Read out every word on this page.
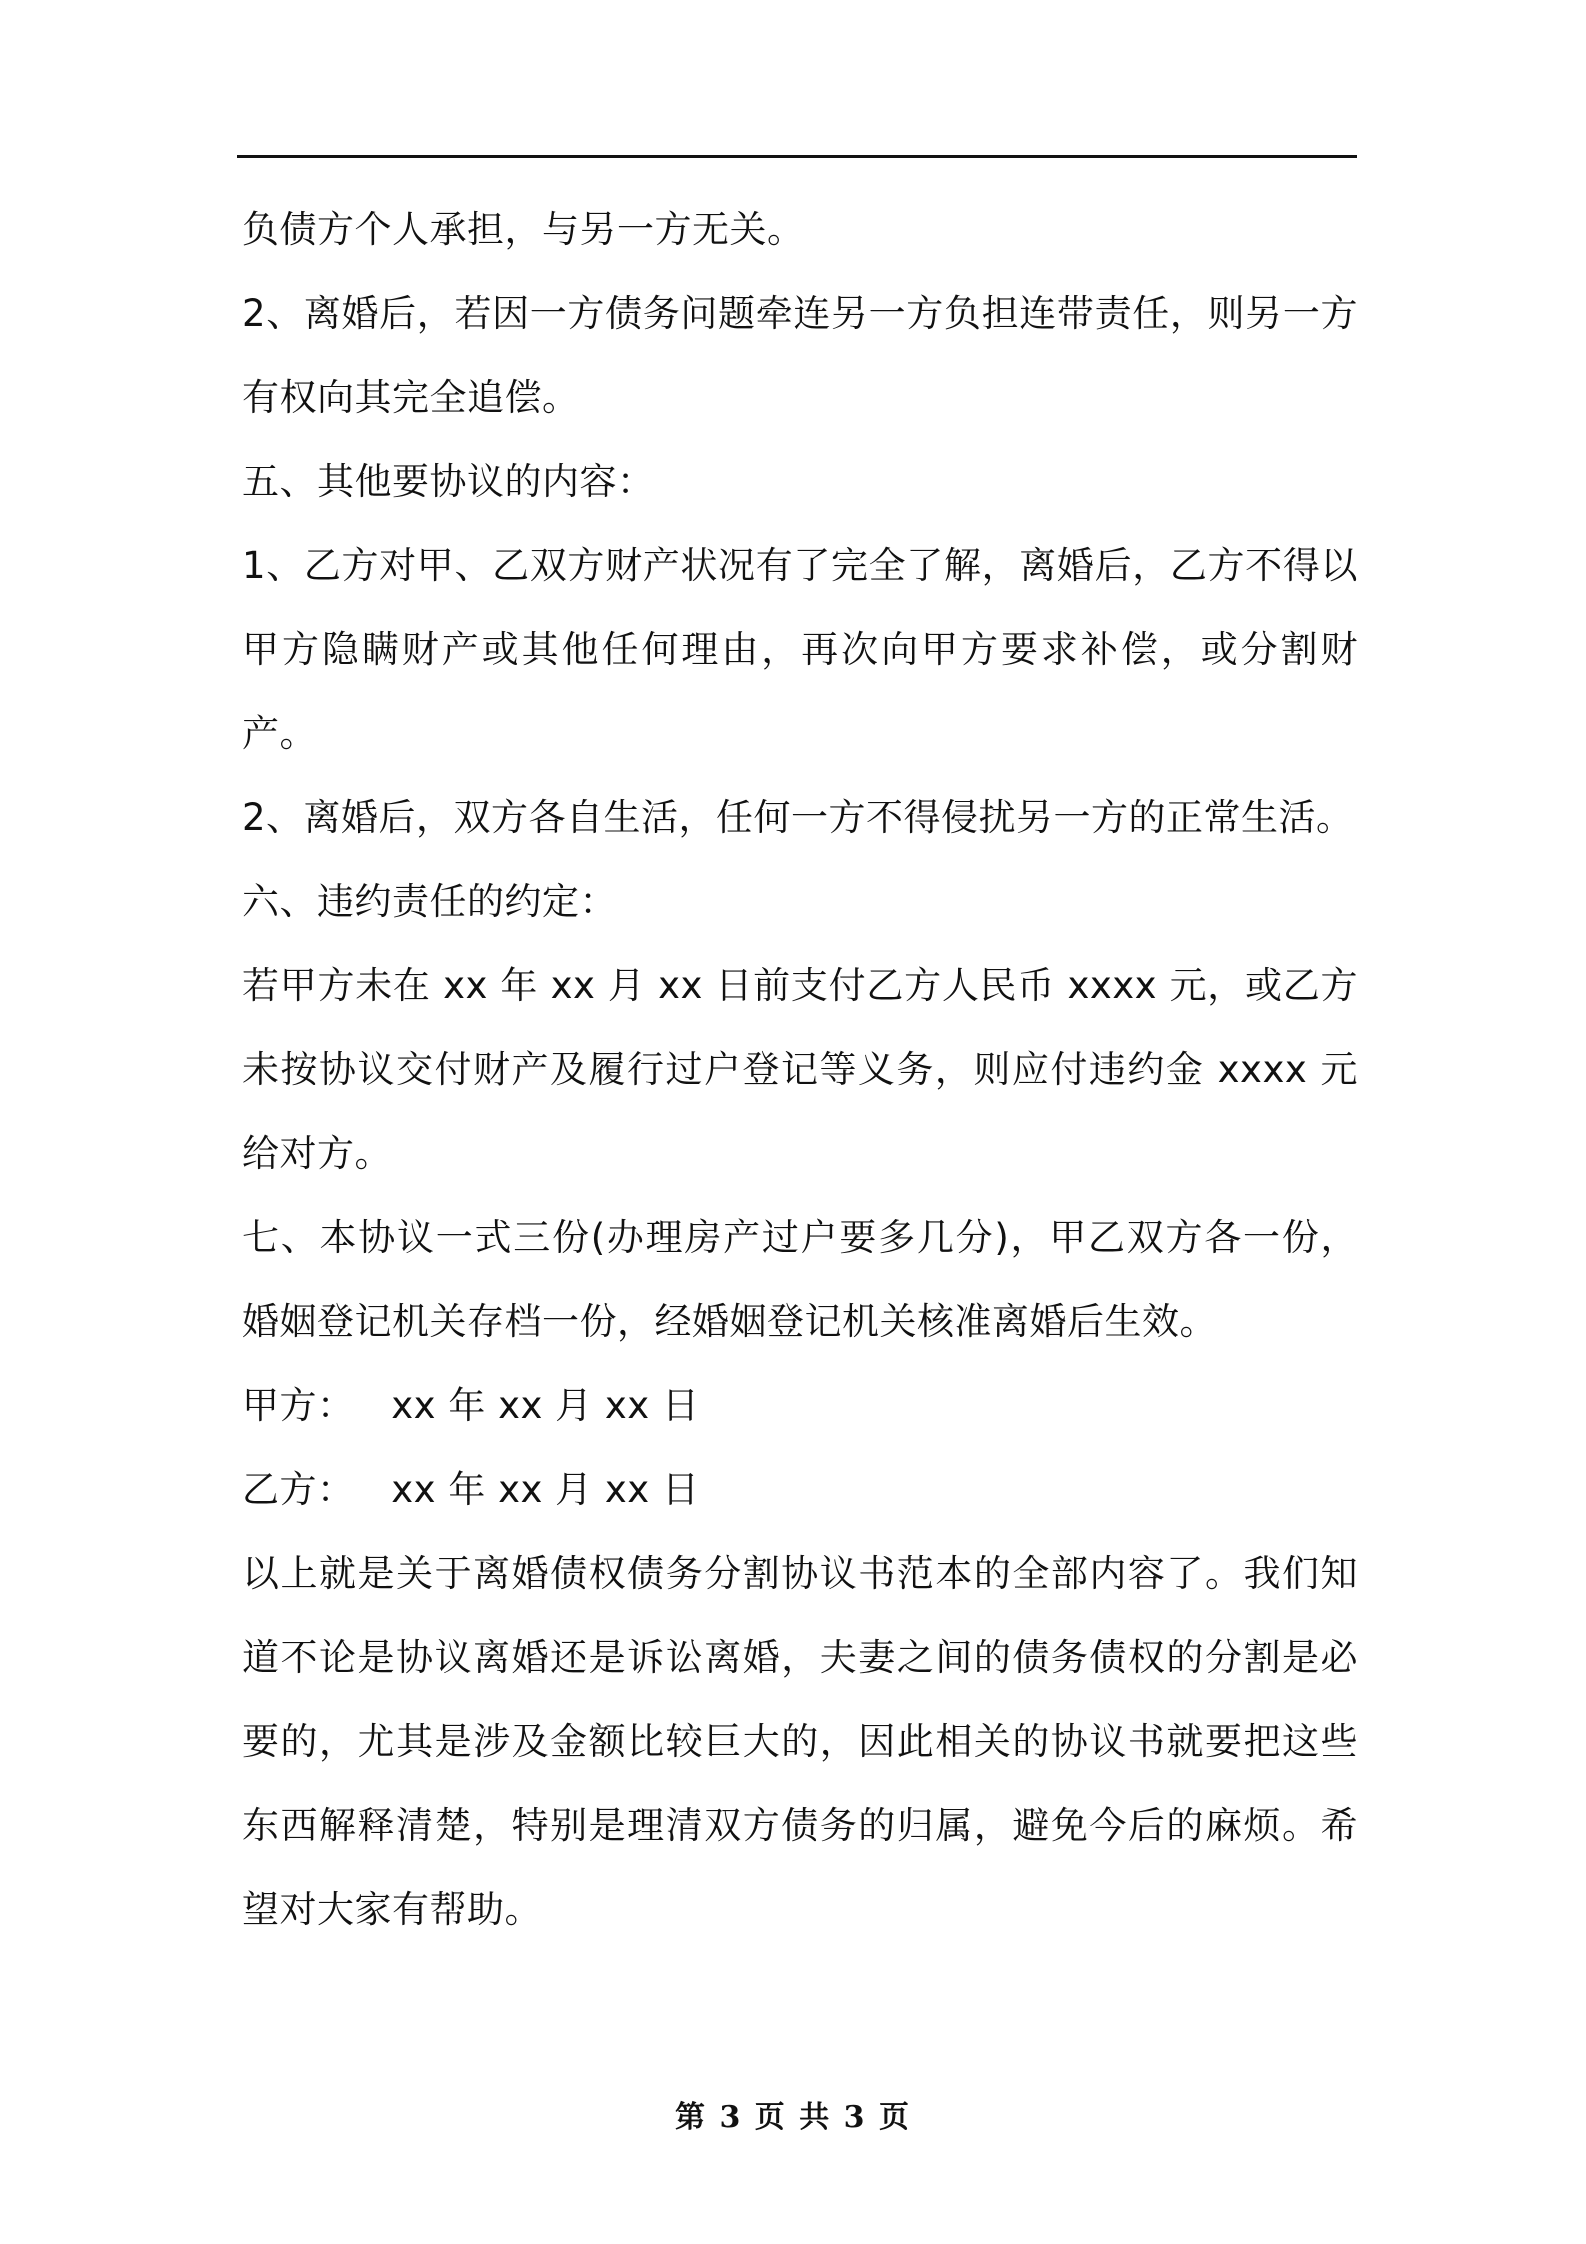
负债方个人承担，与另一方无关。

2、离婚后，若因一方债务问题牵连另一方负担连带责任，则另一方有权向其完全追偿。

五、其他要协议的内容：

1、乙方对甲、乙双方财产状况有了完全了解，离婚后，乙方不得以甲方隐瞒财产或其他任何理由，再次向甲方要求补偿，或分割财产。

2、离婚后，双方各自生活，任何一方不得侵扰另一方的正常生活。

六、违约责任的约定：

若甲方未在 xx 年 xx 月 xx 日前支付乙方人民币 xxxx 元，或乙方未按协议交付财产及履行过户登记等义务，则应付违约金 xxxx 元给对方。

七、本协议一式三份(办理房产过户要多几分)，甲乙双方各一份，婚姻登记机关存档一份，经婚姻登记机关核准离婚后生效。

甲方：   xx 年 xx 月 xx 日

乙方：   xx 年 xx 月 xx 日

以上就是关于离婚债权债务分割协议书范本的全部内容了。我们知道不论是协议离婚还是诉讼离婚，夫妻之间的债务债权的分割是必要的，尤其是涉及金额比较巨大的，因此相关的协议书就要把这些东西解释清楚，特别是理清双方债务的归属，避免今后的麻烦。希望对大家有帮助。

第 3 页 共 3 页
